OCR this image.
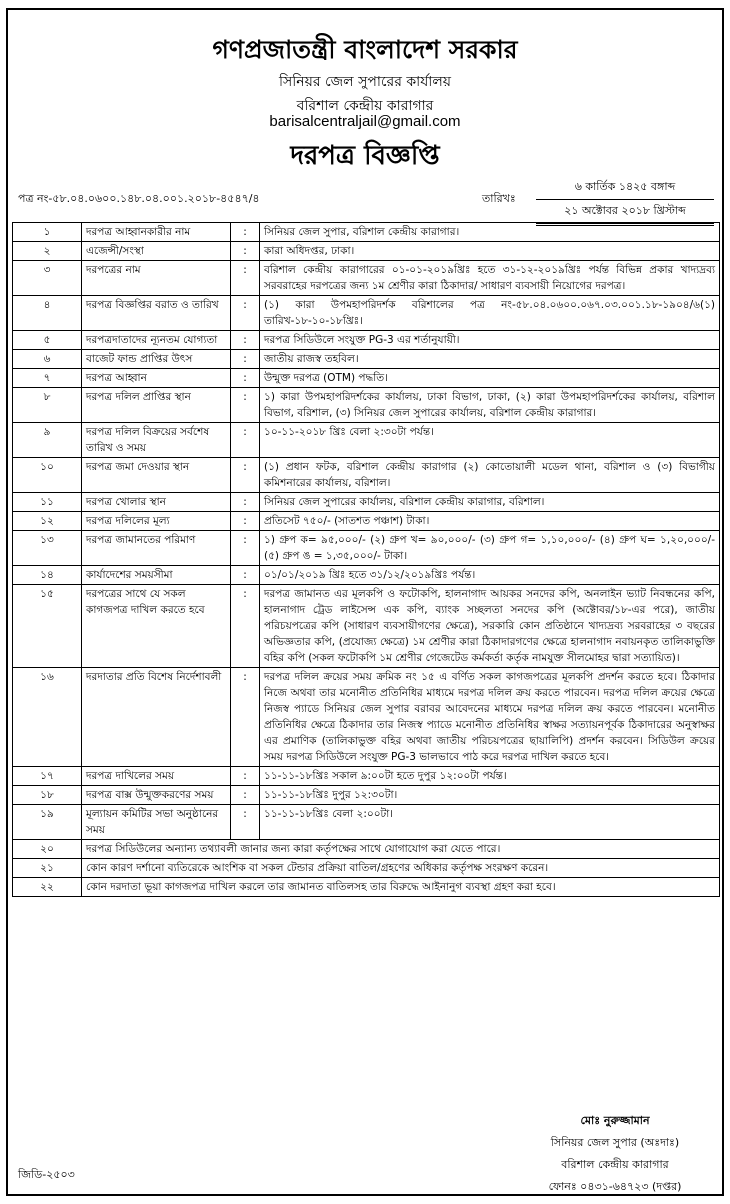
গণপ্রজাতন্ত্রী বাংলাদেশ সরকার
সিনিয়র জেল সুপারের কার্যালয়
বরিশাল কেন্দ্রীয় কারাগার
barisalcentraljail@gmail.com
দরপত্র বিজ্ঞপ্তি
পত্র নং-৫৮.০৪.০৬০০.১৪৮.০৪.০০১.২০১৮-৪৫৪৭/৪	তারিখঃ
৬ কার্তিক ১৪২৫ বঙ্গাব্দ
২১ অক্টোবর ২০১৮ খ্রিস্টাব্দ
১	দরপত্র আহ্বানকারীর নাম	:	সিনিয়র জেল সুপার, বরিশাল কেন্দ্রীয় কারাগার।
২	এজেন্সী/সংস্থা	:	কারা অধিদপ্তর, ঢাকা।
৩	দরপত্রের নাম	:	বরিশাল কেন্দ্রীয় কারাগারের ০১-০১-২০১৯খ্রিঃ হতে ৩১-১২-২০১৯খ্রিঃ পর্যন্ত বিভিন্ন প্রকার খাদ্যদ্রব্য সরবরাহের দরপত্রের জন্য ১ম শ্রেণীর কারা ঠিকাদার/ সাধারণ ব্যবসায়ী নিয়োগের দরপত্র।
৪	দরপত্র বিজ্ঞপ্তির বরাত ও তারিখ	:	(১) কারা উপমহাপরিদর্শক বরিশালের পত্র নং-৫৮.০৪.০৬০০.০৬৭.০৩.০০১.১৮-১৯০৪/৬(১) তারিখ-১৮-১০-১৮খ্রিঃ।
৫	দরপত্রদাতাদের ন্যূনতম যোগ্যতা	:	দরপত্র সিডিউলে সংযুক্ত PG-3 এর শর্তানুযায়ী।
৬	বাজেট ফান্ড প্রাপ্তির উৎস	:	জাতীয় রাজস্ব তহবিল।
৭	দরপত্র আহ্বান	:	উন্মুক্ত দরপত্র (OTM) পদ্ধতি।
৮	দরপত্র দলিল প্রাপ্তির স্থান	:	১) কারা উপমহাপরিদর্শকের কার্যালয়, ঢাকা বিভাগ, ঢাকা, (২) কারা উপমহাপরিদর্শকের কার্যালয়, বরিশাল বিভাগ, বরিশাল, (৩) সিনিয়র জেল সুপারের কার্যালয়, বরিশাল কেন্দ্রীয় কারাগার।
৯	দরপত্র দলিল বিক্রয়ের সর্বশেষ তারিখ ও সময়	:	১০-১১-২০১৮ খ্রিঃ বেলা ২:৩০টা পর্যন্ত।
১০	দরপত্র জমা দেওয়ার স্থান	:	(১) প্রধান ফটক, বরিশাল কেন্দ্রীয় কারাগার (২) কোতোয়ালী মডেল থানা, বরিশাল ও (৩) বিভাগীয় কমিশনারের কার্যালয়, বরিশাল।
১১	দরপত্র খোলার স্থান	:	সিনিয়র জেল সুপারের কার্যালয়, বরিশাল কেন্দ্রীয় কারাগার, বরিশাল।
১২	দরপত্র দলিলের মূল্য	:	প্রতিসেট ৭৫০/- (সাতশত পঞ্চাশ) টাকা।
১৩	দরপত্র জামানতের পরিমাণ	:	১) গ্রুপ ক= ৯৫,০০০/- (২) গ্রুপ খ= ৯০,০০০/- (৩) গ্রুপ গ= ১,১০,০০০/- (৪) গ্রুপ ঘ= ১,২০,০০০/- (৫) গ্রুপ ঙ = ১,৩৫,০০০/- টাকা।
১৪	কার্যাদেশের সময়সীমা	:	০১/০১/২০১৯ খ্রিঃ হতে ৩১/১২/২০১৯খ্রিঃ পর্যন্ত।
১৫	দরপত্রের সাথে যে সকল কাগজপত্র দাখিল করতে হবে	:	দরপত্র জামানত এর মূলকপি ও ফটোকপি, হালনাগাদ আয়কর সনদের কপি, অনলাইন ভ্যাট নিবন্ধনের কপি, হালনাগাদ ট্রেড লাইসেন্স এক কপি, ব্যাংক সচ্ছলতা সনদের কপি (অক্টোবর/১৮-এর পরে), জাতীয় পরিচয়পত্রের কপি (সাধারণ ব্যবসায়ীগণের ক্ষেত্রে), সরকারি কোন প্রতিষ্ঠানে খাদ্যদ্রব্য সরবরাহের ৩ বছরের অভিজ্ঞতার কপি, (প্রযোজ্য ক্ষেত্রে) ১ম শ্রেণীর কারা ঠিকাদারগণের ক্ষেত্রে হালনাগাদ নবায়নকৃত তালিকাভুক্তি বহির কপি (সকল ফটোকপি ১ম শ্রেণীর গেজেটেড কর্মকর্তা কর্তৃক নামযুক্ত সীলমোহর দ্বারা সত্যায়িত)।
১৬	দরদাতার প্রতি বিশেষ নির্দেশাবলী	:	দরপত্র দলিল ক্রয়ের সময় ক্রমিক নং ১৫ এ বর্ণিত সকল কাগজপত্রের মূলকপি প্রদর্শন করতে হবে। ঠিকাদার নিজে অথবা তার মনোনীত প্রতিনিধির মাধ্যমে দরপত্র দলিল ক্রয় করতে পারবেন। দরপত্র দলিল ক্রয়ের ক্ষেত্রে নিজস্ব প্যাডে সিনিয়র জেল সুপার বরাবর আবেদনের মাধ্যমে দরপত্র দলিল ক্রয় করতে পারবেন। মনোনীত প্রতিনিধির ক্ষেত্রে ঠিকাদার তার নিজস্ব প্যাডে মনোনীত প্রতিনিধির স্বাক্ষর সত্যায়নপূর্বক ঠিকাদারের অনুস্বাক্ষর এর প্রমাণিক (তালিকাভুক্ত বহির অথবা জাতীয় পরিচয়পত্রের ছায়ালিপি) প্রদর্শন করবেন। সিডিউল ক্রয়ের সময় দরপত্র সিডিউলে সংযুক্ত PG-3 ভালভাবে পাঠ করে দরপত্র দাখিল করতে হবে।
১৭	দরপত্র দাখিলের সময়	:	১১-১১-১৮খ্রিঃ সকাল ৯:০০টা হতে দুপুর ১২:০০টা পর্যন্ত।
১৮	দরপত্র বাক্স উন্মুক্তকরণের সময়	:	১১-১১-১৮খ্রিঃ দুপুর ১২:৩০টা।
১৯	মূল্যায়ন কমিটির সভা অনুষ্ঠানের সময়	:	১১-১১-১৮খ্রিঃ বেলা ২:০০টা।
২০	দরপত্র সিডিউলের অন্যান্য তথ্যাবলী জানার জন্য কারা কর্তৃপক্ষের সাথে যোগাযোগ করা যেতে পারে।		
২১	কোন কারণ দর্শানো ব্যতিরেকে আংশিক বা সকল টেন্ডার প্রক্রিয়া বাতিল/গ্রহণের অধিকার কর্তৃপক্ষ সংরক্ষণ করেন।		
২২	কোন দরদাতা ভূয়া কাগজপত্র দাখিল করলে তার জামানত বাতিলসহ তার বিরুদ্ধে আইনানুগ ব্যবস্থা গ্রহণ করা হবে।		
মোঃ নুরুজ্জামান
সিনিয়র জেল সুপার (অঃদাঃ)
বরিশাল কেন্দ্রীয় কারাগার
ফোনঃ ০৪৩১-৬৪৭২৩ (দপ্তর)
জিডি-২৫০৩
